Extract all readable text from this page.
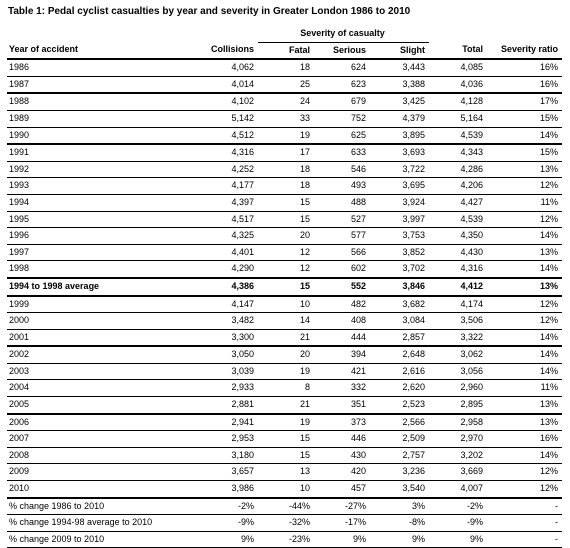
Table 1: Pedal cyclist casualties by year and severity in Greater London 1986 to 2010
		Severity of casualty				
Year of accident	Collisions	Fatal	Serious	Slight	Total	Severity ratio
1986	4,062	18	624	3,443	4,085	16%
1987	4,014	25	623	3,388	4,036	16%
1988	4,102	24	679	3,425	4,128	17%
1989	5,142	33	752	4,379	5,164	15%
1990	4,512	19	625	3,895	4,539	14%
1991	4,316	17	633	3,693	4,343	15%
1992	4,252	18	546	3,722	4,286	13%
1993	4,177	18	493	3,695	4,206	12%
1994	4,397	15	488	3,924	4,427	11%
1995	4,517	15	527	3,997	4,539	12%
1996	4,325	20	577	3,753	4,350	14%
1997	4,401	12	566	3,852	4,430	13%
1998	4,290	12	602	3,702	4,316	14%
1994 to 1998 average	4,386	15	552	3,846	4,412	13%
1999	4,147	10	482	3,682	4,174	12%
2000	3,482	14	408	3,084	3,506	12%
2001	3,300	21	444	2,857	3,322	14%
2002	3,050	20	394	2,648	3,062	14%
2003	3,039	19	421	2,616	3,056	14%
2004	2,933	8	332	2,620	2,960	11%
2005	2,881	21	351	2,523	2,895	13%
2006	2,941	19	373	2,566	2,958	13%
2007	2,953	15	446	2,509	2,970	16%
2008	3,180	15	430	2,757	3,202	14%
2009	3,657	13	420	3,236	3,669	12%
2010	3,986	10	457	3,540	4,007	12%
% change 1986 to 2010	-2%	-44%	-27%	3%	-2%	-
% change 1994-98 average to 2010	-9%	-32%	-17%	-8%	-9%	-
% change 2009 to 2010	9%	-23%	9%	9%	9%	-
